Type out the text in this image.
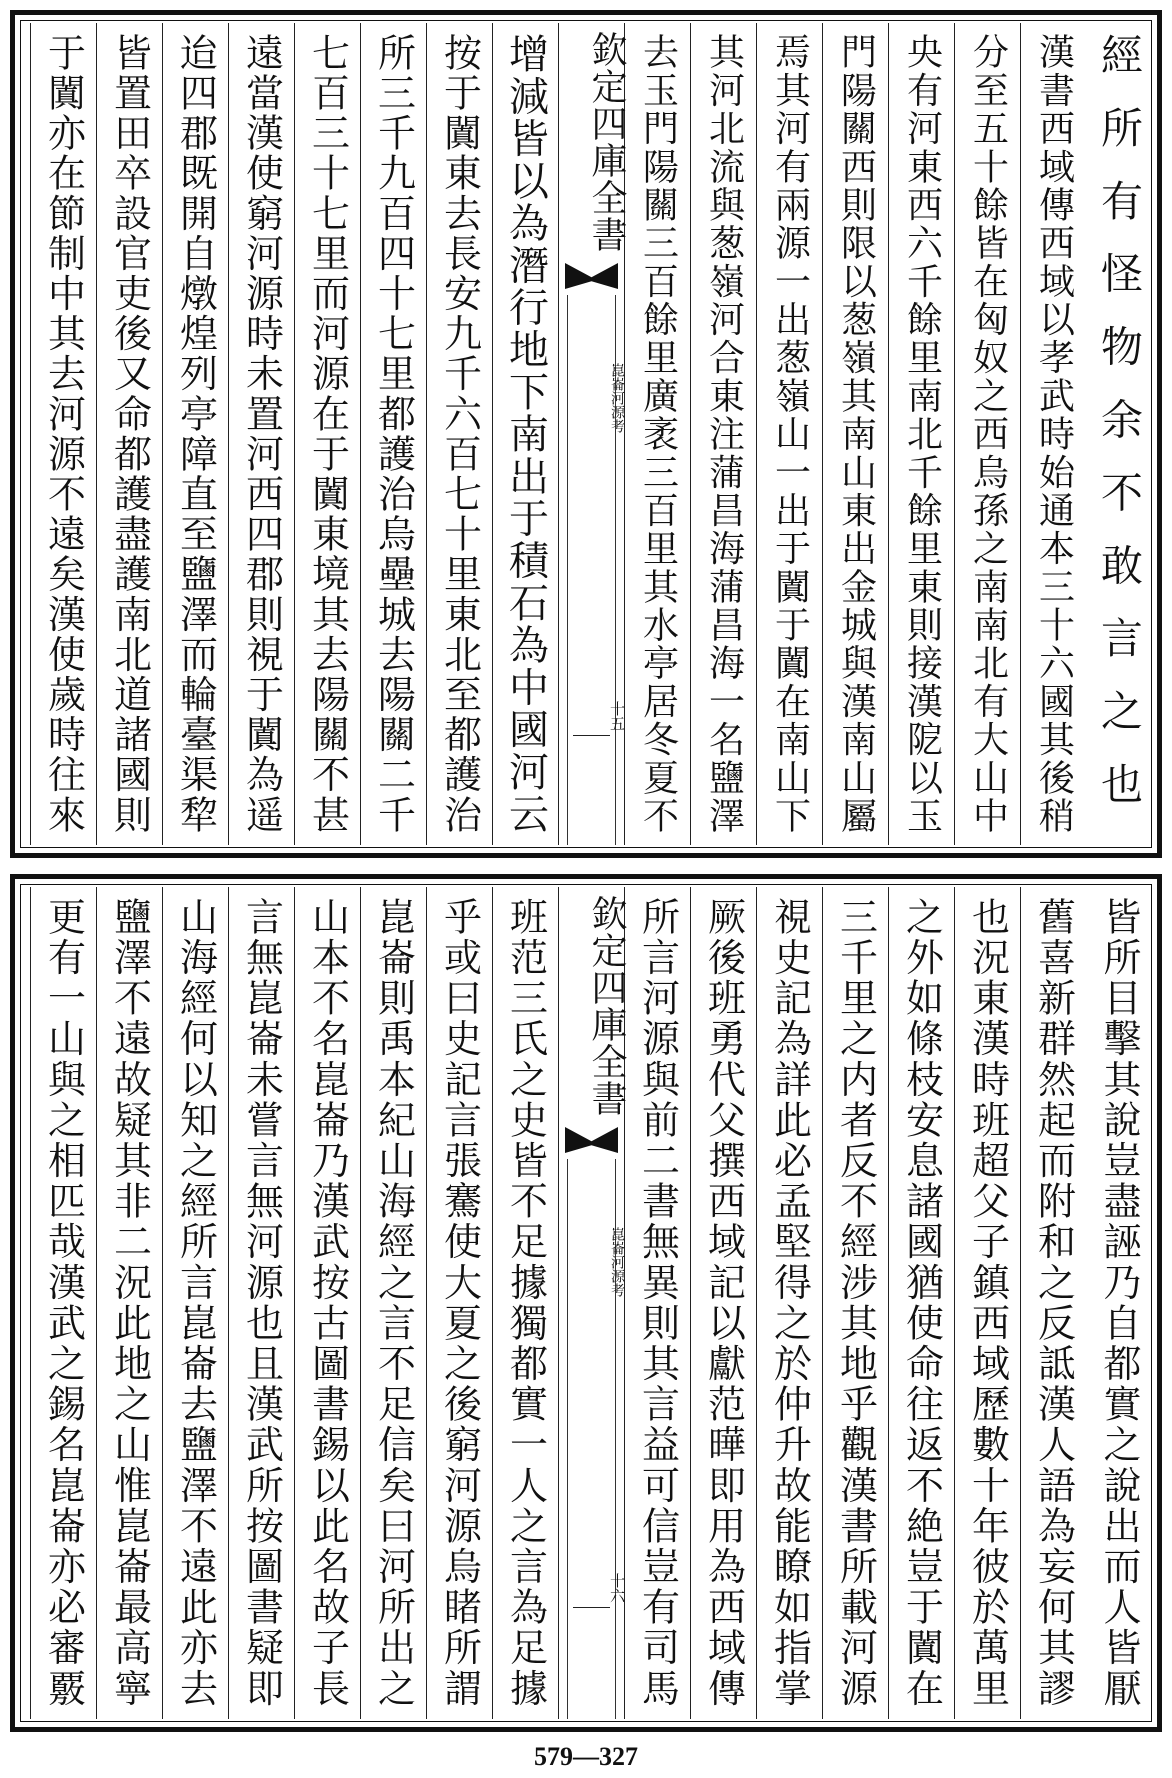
經所有怪物余不敢言之也
漢書西域傳西域以孝武時始通本三十六國其後稍
分至五十餘皆在匈奴之西烏孫之南南北有大山中
央有河東西六千餘里南北千餘里東則接漢阸以玉
門陽關西則限以葱嶺其南山東出金城與漢南山屬
焉其河有兩源一出葱嶺山一出于闐于闐在南山下
其河北流與葱嶺河合東注蒲昌海蒲昌海一名鹽澤
去玉門陽關三百餘里廣袤三百里其水亭居冬夏不
欽定四庫全書
崑崙河源考
十五
增減皆以為潛行地下南出于積石為中國河云
按于闐東去長安九千六百七十里東北至都護治
所三千九百四十七里都護治烏壘城去陽關二千
七百三十七里而河源在于闐東境其去陽關不甚
遠當漢使窮河源時未置河西四郡則視于闐為遥
迨四郡既開自燉煌列亭障直至鹽澤而輪臺渠犂
皆置田卒設官吏後又命都護盡護南北道諸國則
于闐亦在節制中其去河源不遠矣漢使歲時往來
皆所目擊其說豈盡誣乃自都實之說出而人皆厭
舊喜新群然起而附和之反詆漢人語為妄何其謬
也況東漢時班超父子鎮西域歷數十年彼於萬里
之外如條枝安息諸國猶使命往返不絶豈于闐在
三千里之内者反不經涉其地乎觀漢書所載河源
視史記為詳此必孟堅得之於仲升故能瞭如指掌
厥後班勇代父撰西域記以獻范曄即用為西域傳
所言河源與前二書無異則其言益可信豈有司馬
欽定四庫全書
崑崙河源考
十六
班范三氏之史皆不足據獨都實一人之言為足據
乎或曰史記言張騫使大夏之後窮河源烏睹所謂
崑崙則禹本紀山海經之言不足信矣曰河所出之
山本不名崑崙乃漢武按古圖書錫以此名故子長
言無崑崙未嘗言無河源也且漢武所按圖書疑即
山海經何以知之經所言崑崙去鹽澤不遠此亦去
鹽澤不遠故疑其非二況此地之山惟崑崙最高寧
更有一山與之相匹哉漢武之錫名崑崙亦必審覈
579—327
